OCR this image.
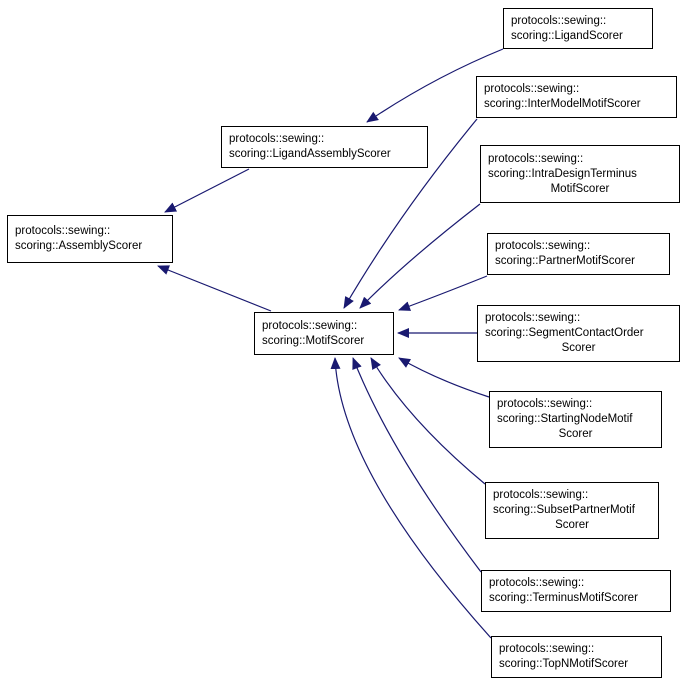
protocols::sewing::
scoring::AssemblyScorer
protocols::sewing::
scoring::LigandAssemblyScorer
protocols::sewing::
scoring::MotifScorer
protocols::sewing::
scoring::LigandScorer
protocols::sewing::
scoring::InterModelMotifScorer
protocols::sewing::
scoring::IntraDesignTerminus
MotifScorer
protocols::sewing::
scoring::PartnerMotifScorer
protocols::sewing::
scoring::SegmentContactOrder
Scorer
protocols::sewing::
scoring::StartingNodeMotif
Scorer
protocols::sewing::
scoring::SubsetPartnerMotif
Scorer
protocols::sewing::
scoring::TerminusMotifScorer
protocols::sewing::
scoring::TopNMotifScorer
